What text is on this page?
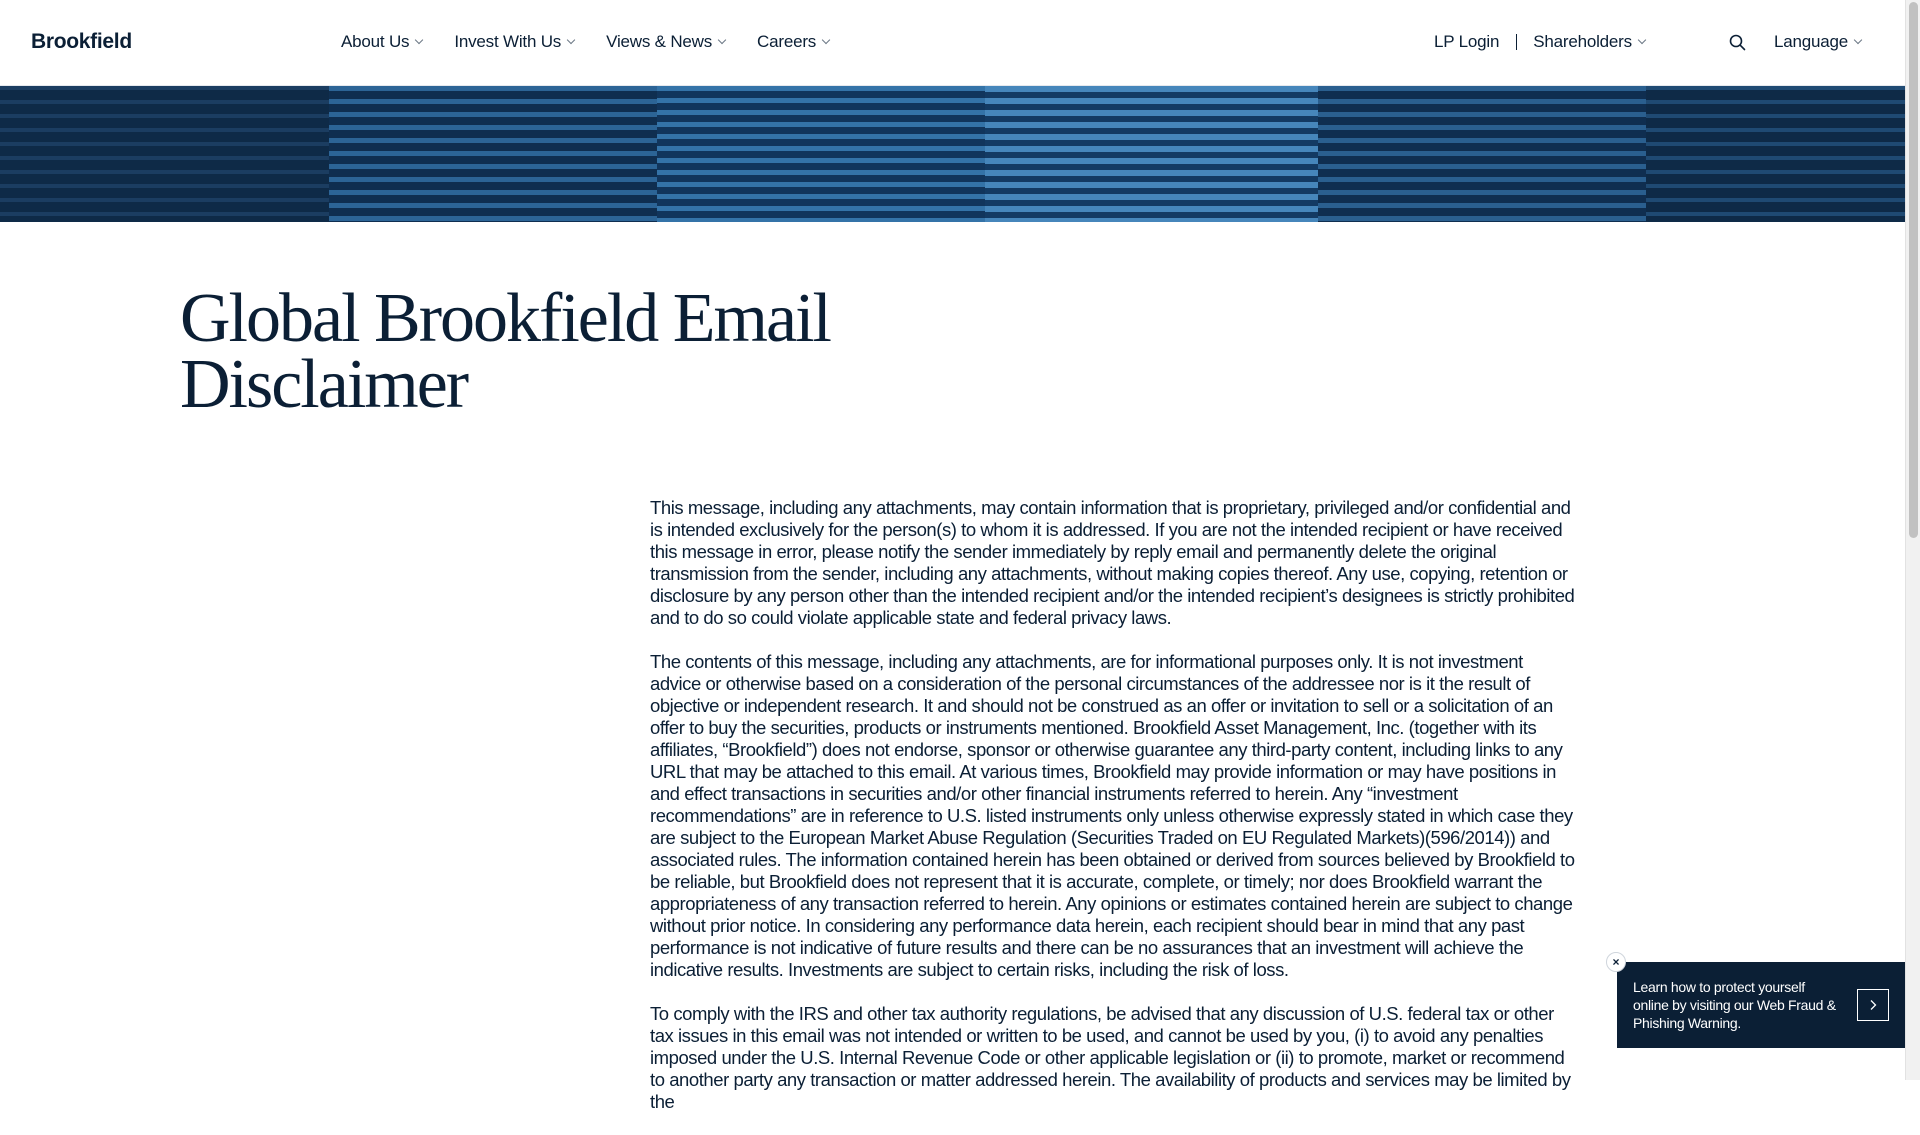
Brookfield	About Us	Invest With Us	Views & News	Careers	LP Login Shareholders	Language
Global Brookfield Email
Disclaimer

This message, including any attachments, may contain information that is proprietary, privileged and/or confidential and is intended exclusively for the person(s) to whom it is addressed. If you are not the intended recipient or have received this message in error, please notify the sender immediately by reply email and permanently delete the original transmission from the sender, including any attachments, without making copies thereof. Any use, copying, retention or disclosure by any person other than the intended recipient and/or the intended recipient’s designees is strictly prohibited and to do so could violate applicable state and federal privacy laws.

The contents of this message, including any attachments, are for informational purposes only. It is not investment advice or otherwise based on a consideration of the personal circumstances of the addressee nor is it the result of objective or independent research. It and should not be construed as an offer or invitation to sell or a solicitation of an offer to buy the securities, products or instruments mentioned. Brookfield Asset Management, Inc. (together with its affiliates, “Brookfield”) does not endorse, sponsor or otherwise guarantee any third-party content, including links to any URL that may be attached to this email. At various times, Brookfield may provide information or may have positions in and effect transactions in securities and/or other financial instruments referred to herein. Any “investment recommendations” are in reference to U.S. listed instruments only unless otherwise expressly stated in which case they are subject to the European Market Abuse Regulation (Securities Traded on EU Regulated Markets)(596/2014)) and associated rules. The information contained herein has been obtained or derived from sources believed by Brookfield to be reliable, but Brookfield does not represent that it is accurate, complete, or timely; nor does Brookfield warrant the appropriateness of any transaction referred to herein. Any opinions or estimates contained herein are subject to change without prior notice. In considering any performance data herein, each recipient should bear in mind that any past performance is not indicative of future results and there can be no assurances that an investment will achieve the indicative results. Investments are subject to certain risks, including the risk of loss.

To comply with the IRS and other tax authority regulations, be advised that any discussion of U.S. federal tax or other tax issues in this email was not intended or written to be used, and cannot be used by you, (i) to avoid any penalties imposed under the U.S. Internal Revenue Code or other applicable legislation or (ii) to promote, market or recommend to another party any transaction or matter addressed herein. The availability of products and services may be limited by the

Learn how to protect yourself online by visiting our Web Fraud & Phishing Warning.
×
